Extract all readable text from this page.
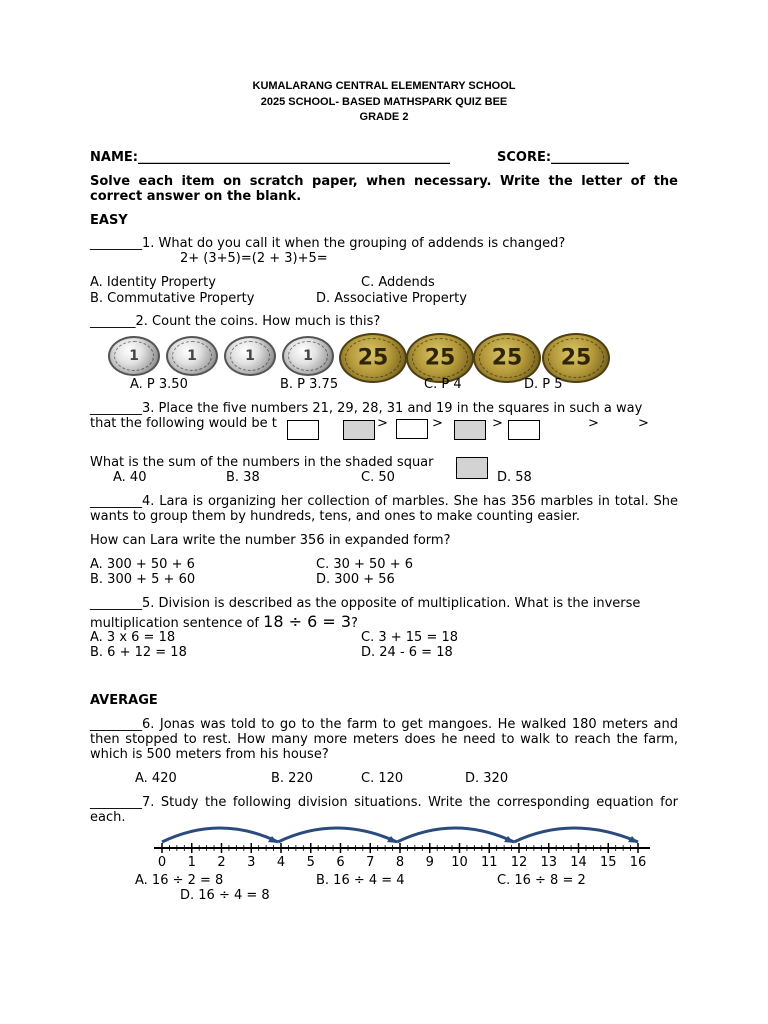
KUMALARANG CENTRAL ELEMENTARY SCHOOL
2025 SCHOOL- BASED MATHSPARK QUIZ BEE
GRADE 2
NAME:________________________________________________	SCORE:____________
Solve each item on scratch paper, when necessary. Write the letter of the correct answer on the blank.
EASY
________1. What do you call it when the grouping of addends is changed?
2+ (3+5)=(2 + 3)+5=
A. Identity Property	C. Addends
B. Commutative Property	D. Associative Property
_______2. Count the coins. How much is this?
1	1	1	1	25	25	25	25
A. P 3.50	B. P 3.75	C. P 4	D. P 5
________3. Place the five numbers 21, 29, 28, 31 and 19 in the squares in such a way
that the following would be t	>	>	>	>	>
What is the sum of the numbers in the shaded squar
A. 40	B. 38	C. 50	D. 58
________4. Lara is organizing her collection of marbles. She has 356 marbles in total. She wants to group them by hundreds, tens, and ones to make counting easier.
How can Lara write the number 356 in expanded form?
A. 300 + 50 + 6	C. 30 + 50 + 6
B. 300 + 5 + 60	D. 300 + 56
________5. Division is described as the opposite of multiplication. What is the inverse
multiplication sentence of 18 ÷ 6 = 3?
A. 3 x 6 = 18	C. 3 + 15 = 18
B. 6 + 12 = 18	D. 24 - 6 = 18
AVERAGE
________6. Jonas was told to go to the farm to get mangoes. He walked 180 meters and then stopped to rest. How many more meters does he need to walk to reach the farm, which is 500 meters from his house?
A. 420	B. 220	C. 120	D. 320
________7. Study the following division situations. Write the corresponding equation for each.
0 1 2 3 4 5 6 7 8 9 10 11 12 13 14 15 16
A. 16 ÷ 2 = 8	B. 16 ÷ 4 = 4	C. 16 ÷ 8 = 2
D. 16 ÷ 4 = 8
